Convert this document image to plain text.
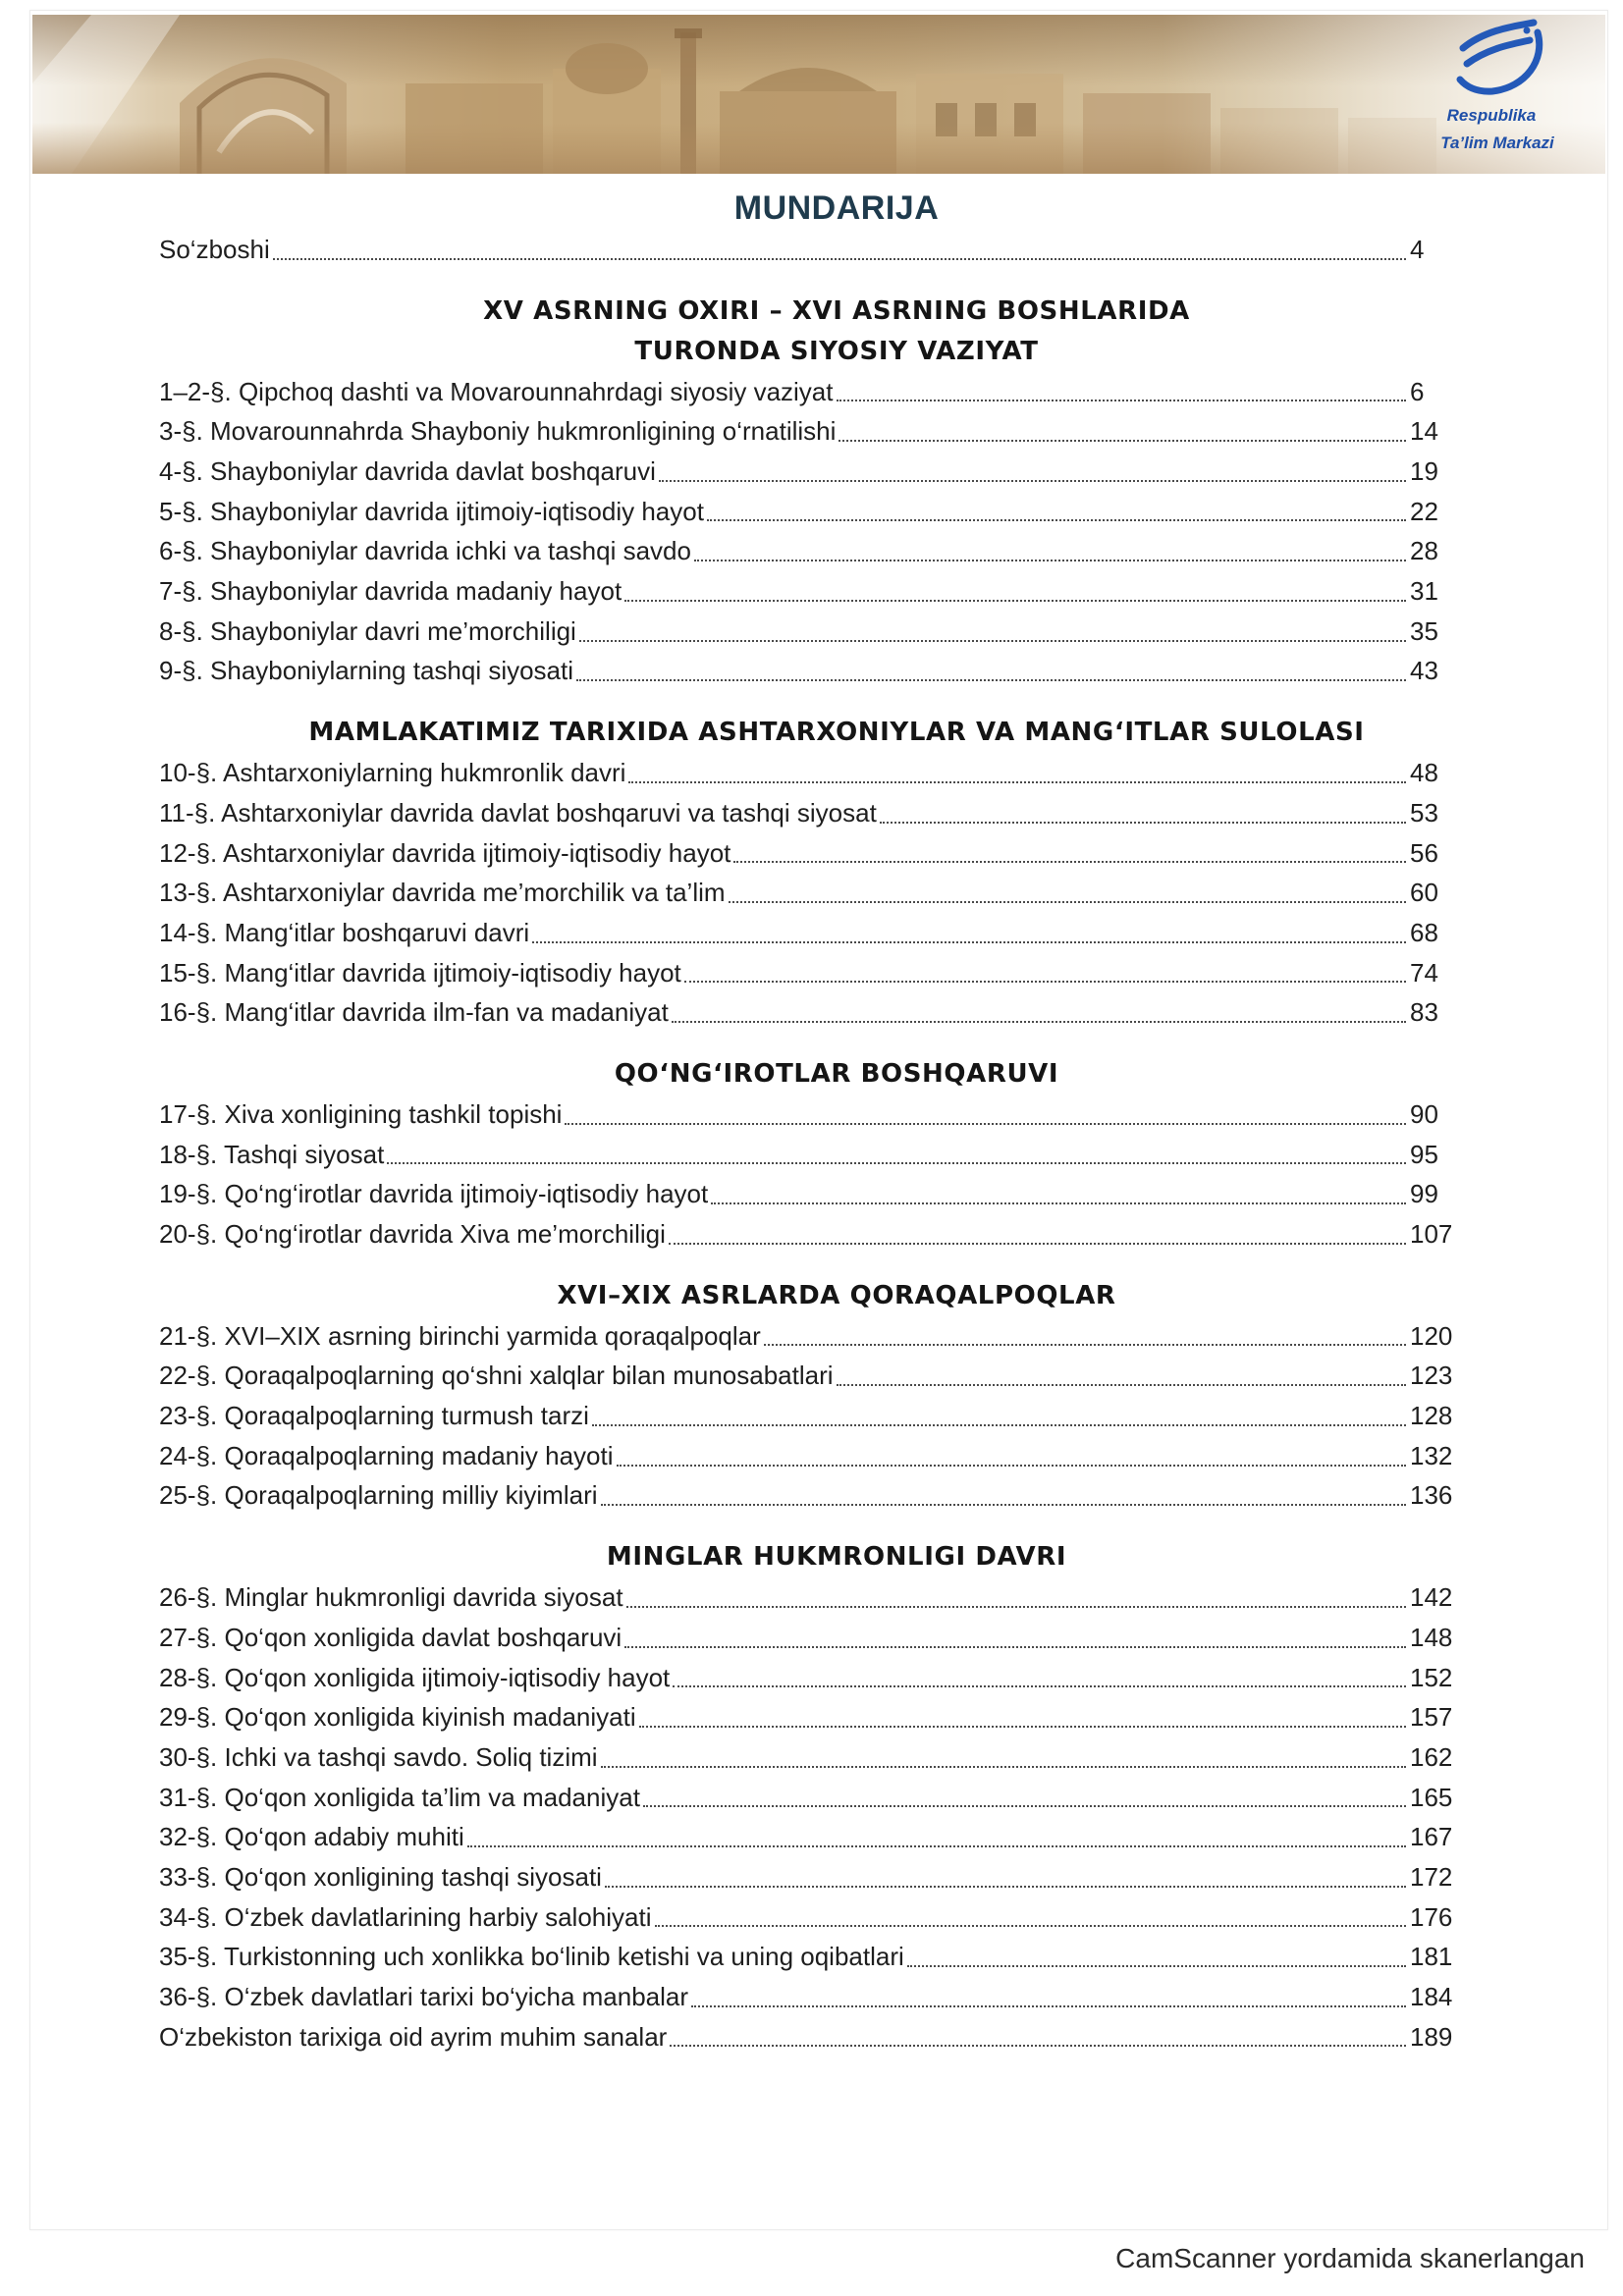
Respublika
Ta’lim Markazi
MUNDARIJA
So‘zboshi	4
XV ASRNING OXIRI – XVI ASRNING BOSHLARIDA
TURONDA SIYOSIY VAZIYAT
1–2-§. Qipchoq dashti va Movarounnahrdagi siyosiy vaziyat	6
3-§. Movarounnahrda Shayboniy hukmronligining o‘rnatilishi	14
4-§. Shayboniylar davrida davlat boshqaruvi	19
5-§. Shayboniylar davrida ijtimoiy-iqtisodiy hayot	22
6-§. Shayboniylar davrida ichki va tashqi savdo	28
7-§. Shayboniylar davrida madaniy hayot	31
8-§. Shayboniylar davri me’morchiligi	35
9-§. Shayboniylarning tashqi siyosati	43
MAMLAKATIMIZ TARIXIDA ASHTARXONIYLAR VA MANG‘ITLAR SULOLASI
10-§. Ashtarxoniylarning hukmronlik davri	48
11-§. Ashtarxoniylar davrida davlat boshqaruvi va tashqi siyosat	53
12-§. Ashtarxoniylar davrida ijtimoiy-iqtisodiy hayot	56
13-§. Ashtarxoniylar davrida me’morchilik va ta’lim	60
14-§. Mang‘itlar boshqaruvi davri	68
15-§. Mang‘itlar davrida ijtimoiy-iqtisodiy hayot	74
16-§. Mang‘itlar davrida ilm-fan va madaniyat	83
QO‘NG‘IROTLAR BOSHQARUVI
17-§. Xiva xonligining tashkil topishi	90
18-§. Tashqi siyosat	95
19-§. Qo‘ng‘irotlar davrida ijtimoiy-iqtisodiy hayot	99
20-§. Qo‘ng‘irotlar davrida Xiva me’morchiligi	107
XVI–XIX ASRLARDA QORAQALPOQLAR
21-§. XVI–XIX asrning birinchi yarmida qoraqalpoqlar	120
22-§. Qoraqalpoqlarning qo‘shni xalqlar bilan munosabatlari	123
23-§. Qoraqalpoqlarning turmush tarzi	128
24-§. Qoraqalpoqlarning madaniy hayoti	132
25-§. Qoraqalpoqlarning milliy kiyimlari	136
MINGLAR HUKMRONLIGI DAVRI
26-§. Minglar hukmronligi davrida siyosat	142
27-§. Qo‘qon xonligida davlat boshqaruvi	148
28-§. Qo‘qon xonligida ijtimoiy-iqtisodiy hayot	152
29-§. Qo‘qon xonligida kiyinish madaniyati	157
30-§. Ichki va tashqi savdo. Soliq tizimi	162
31-§. Qo‘qon xonligida ta’lim va madaniyat	165
32-§. Qo‘qon adabiy muhiti	167
33-§. Qo‘qon xonligining tashqi siyosati	172
34-§. O‘zbek davlatlarining harbiy salohiyati	176
35-§. Turkistonning uch xonlikka bo‘linib ketishi va uning oqibatlari	181
36-§. O‘zbek davlatlari tarixi bo‘yicha manbalar	184
O‘zbekiston tarixiga oid ayrim muhim sanalar	189
CamScanner yordamida skanerlangan
